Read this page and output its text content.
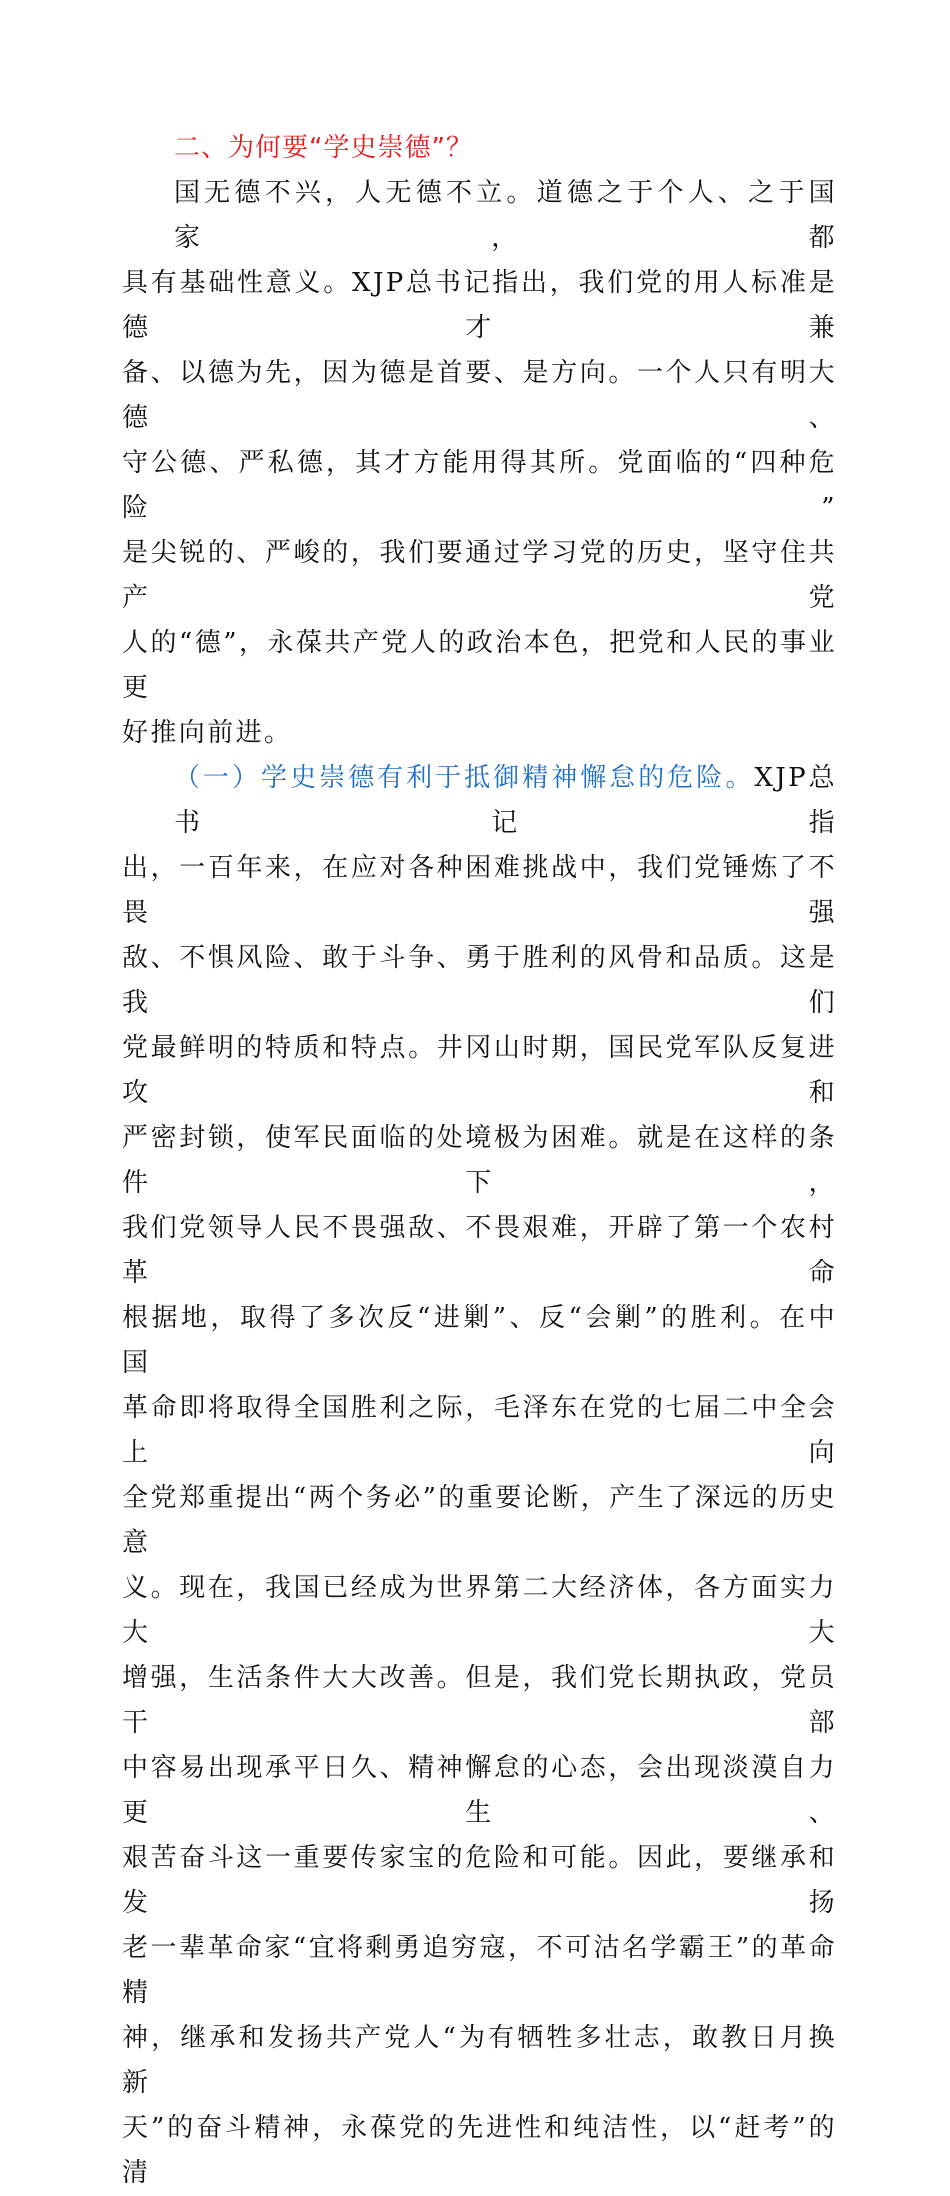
二、为何要“学史崇德”？

国无德不兴，人无德不立。道德之于个人、之于国家，都

具有基础性意义。XJP总书记指出，我们党的用人标准是德才兼

备、以德为先，因为德是首要、是方向。一个人只有明大德、

守公德、严私德，其才方能用得其所。党面临的“四种危险”

是尖锐的、严峻的，我们要通过学习党的历史，坚守住共产党

人的“德”，永葆共产党人的政治本色，把党和人民的事业更

好推向前进。

（一）学史崇德有利于抵御精神懈怠的危险。XJP总书记指

出，一百年来，在应对各种困难挑战中，我们党锤炼了不畏强

敌、不惧风险、敢于斗争、勇于胜利的风骨和品质。这是我们

党最鲜明的特质和特点。井冈山时期，国民党军队反复进攻和

严密封锁，使军民面临的处境极为困难。就是在这样的条件下，

我们党领导人民不畏强敌、不畏艰难，开辟了第一个农村革命

根据地，取得了多次反“进剿”、反“会剿”的胜利。在中国

革命即将取得全国胜利之际，毛泽东在党的七届二中全会上向

全党郑重提出“两个务必”的重要论断，产生了深远的历史意

义。现在，我国已经成为世界第二大经济体，各方面实力大大

增强，生活条件大大改善。但是，我们党长期执政，党员干部

中容易出现承平日久、精神懈怠的心态，会出现淡漠自力更生、

艰苦奋斗这一重要传家宝的危险和可能。因此，要继承和发扬

老一辈革命家“宜将剩勇追穷寇，不可沽名学霸王”的革命精

神，继承和发扬共产党人“为有牺牲多壮志，敢教日月换新

天”的奋斗精神，永葆党的先进性和纯洁性，以“赶考”的清
